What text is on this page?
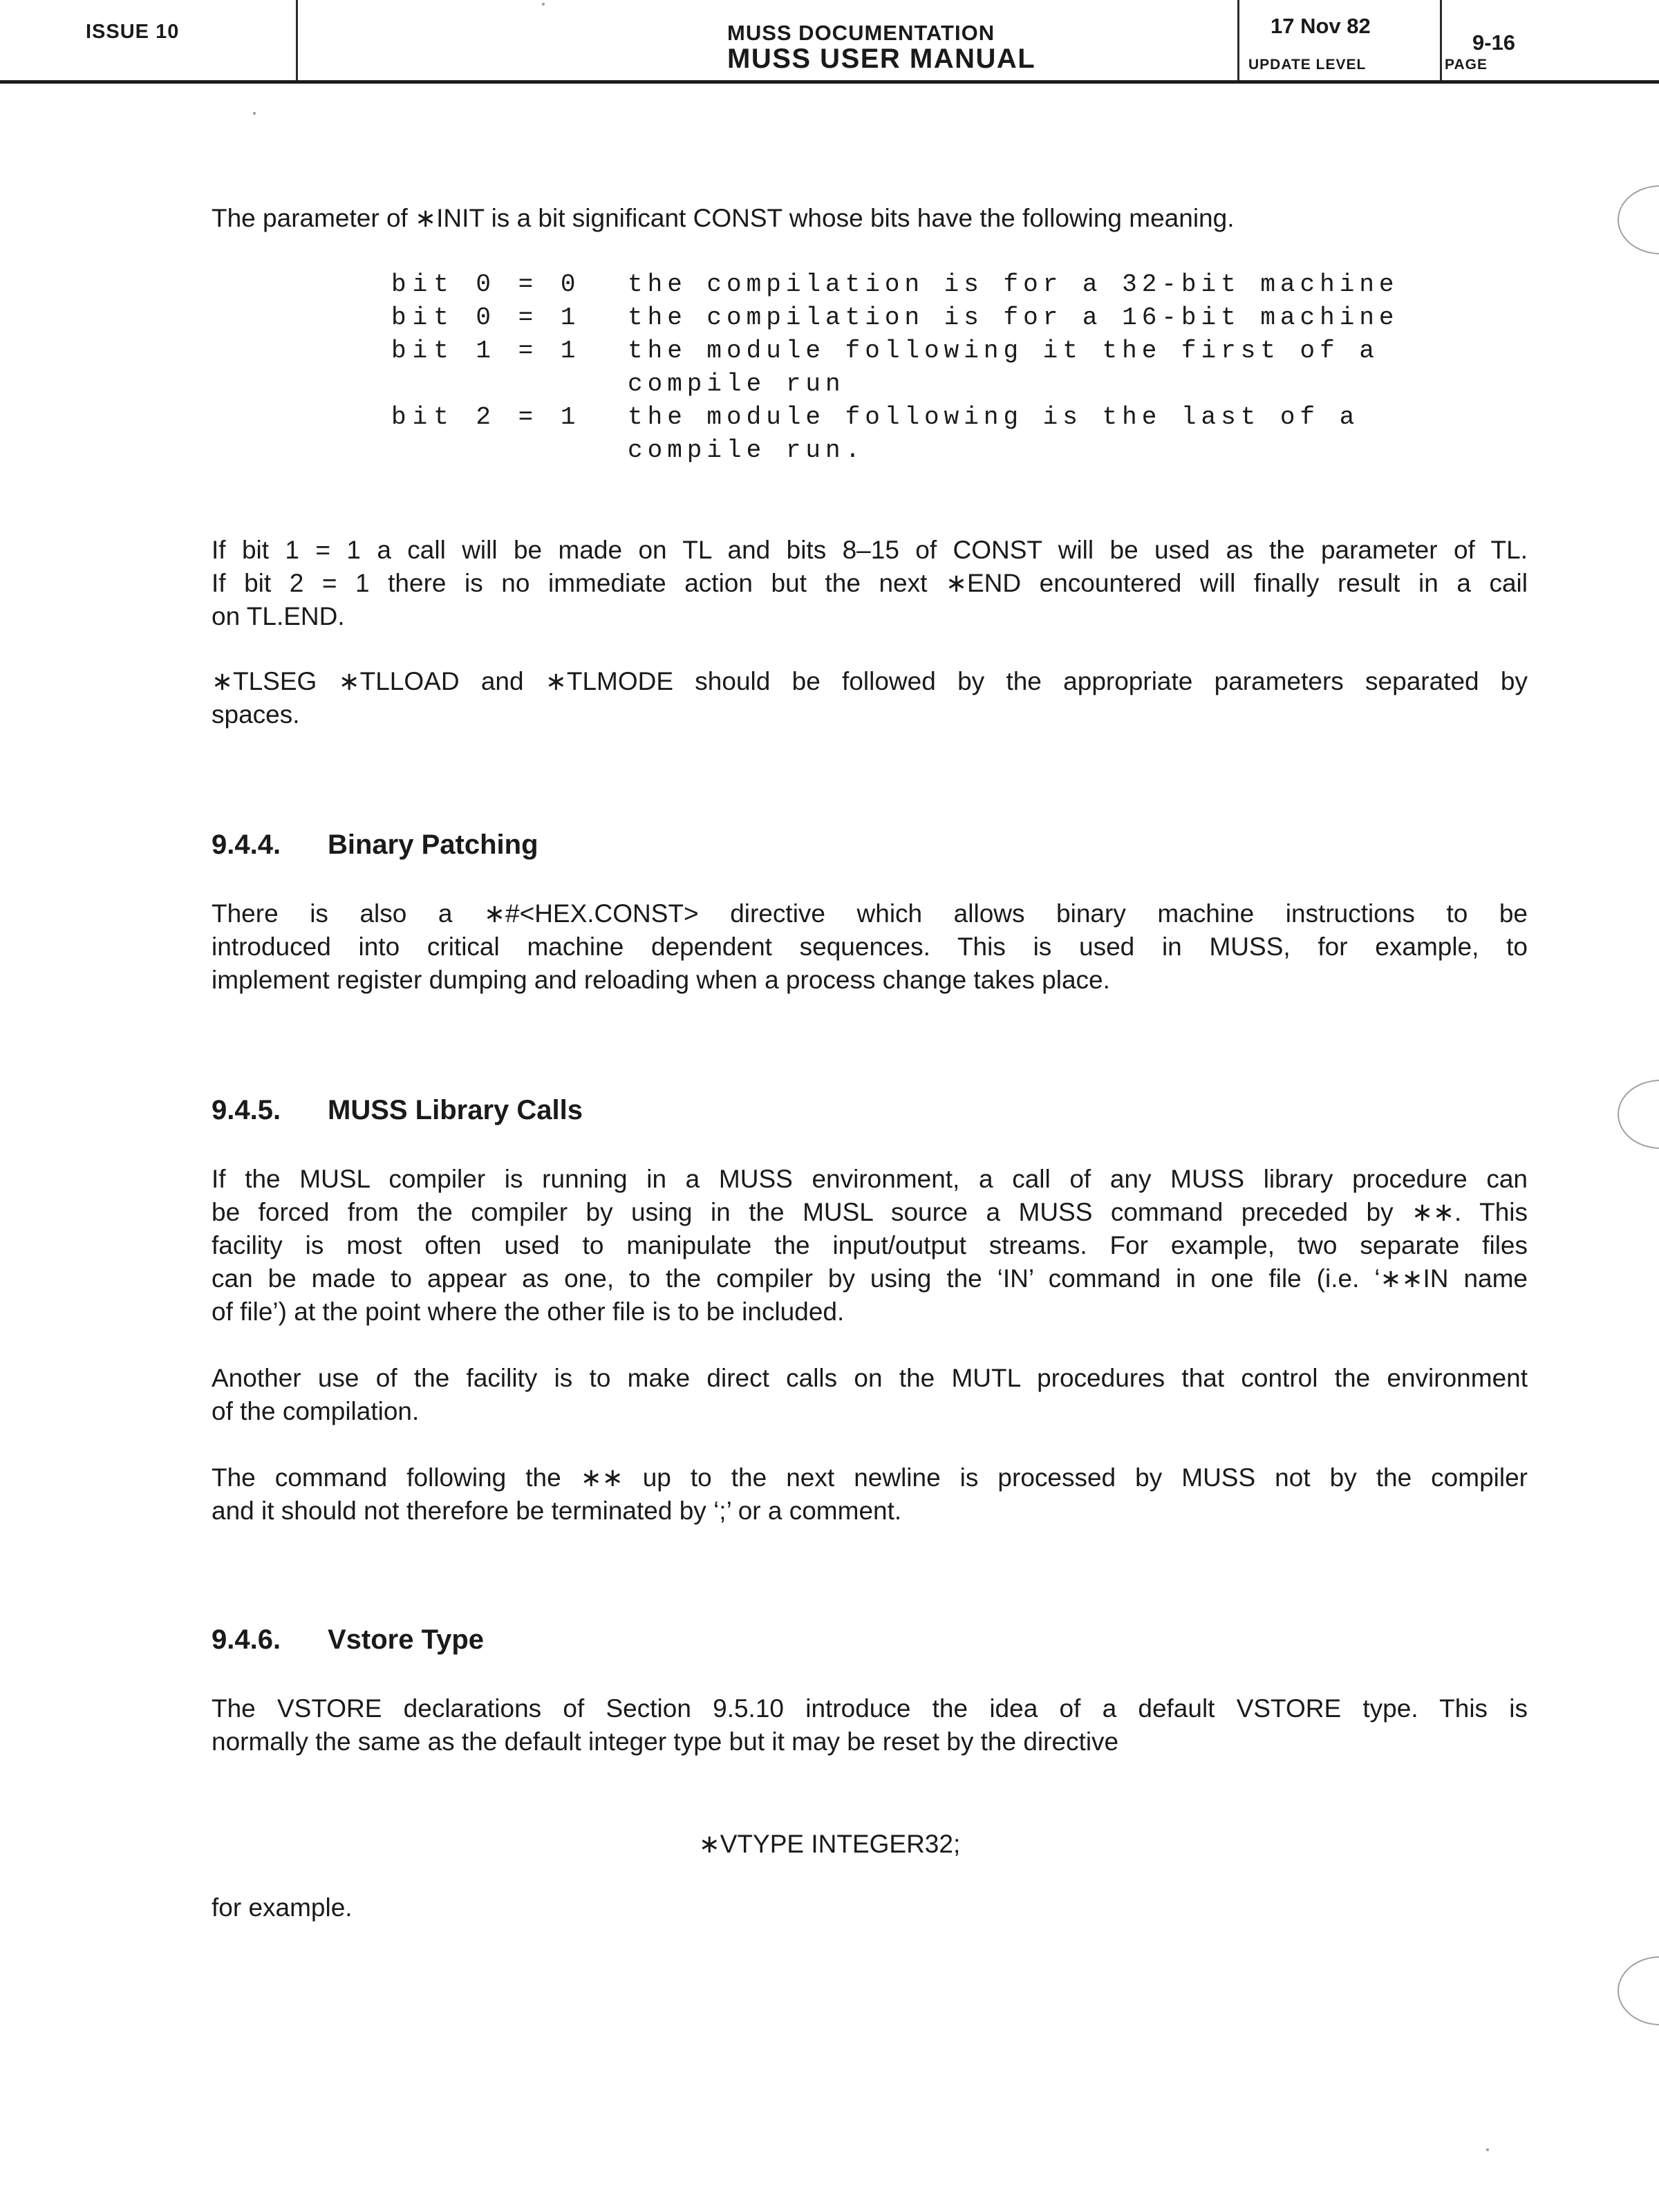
ISSUE 10	MUSS DOCUMENTATION
MUSS USER MANUAL
17 Nov 82
UPDATE LEVEL
9-16
PAGE
The parameter of ∗INIT is a bit significant CONST whose bits have the following meaning.
bit 0 = 0	the compilation is for a 32-bit machine
bit 0 = 1	the compilation is for a 16-bit machine
bit 1 = 1	the module following it the first of a
compile run
bit 2 = 1	the module following is the last of a
compile run.
If bit 1 = 1 a call will be made on TL and bits 8–15 of CONST will be used as the parameter of TL.
If bit 2 = 1 there is no immediate action but the next ∗END encountered will finally result in a cail
on TL.END.
∗TLSEG ∗TLLOAD and ∗TLMODE should be followed by the appropriate parameters separated by
spaces.
9.4.4. Binary Patching
There is also a ∗#<HEX.CONST> directive which allows binary machine instructions to be
introduced into critical machine dependent sequences. This is used in MUSS, for example, to
implement register dumping and reloading when a process change takes place.
9.4.5. MUSS Library Calls
If the MUSL compiler is running in a MUSS environment, a call of any MUSS library procedure can
be forced from the compiler by using in the MUSL source a MUSS command preceded by ∗∗. This
facility is most often used to manipulate the input/output streams. For example, two separate files
can be made to appear as one, to the compiler by using the ‘IN’ command in one file (i.e. ‘∗∗IN name
of file’) at the point where the other file is to be included.
Another use of the facility is to make direct calls on the MUTL procedures that control the environment
of the compilation.
The command following the ∗∗ up to the next newline is processed by MUSS not by the compiler
and it should not therefore be terminated by ‘;’ or a comment.
9.4.6. Vstore Type
The VSTORE declarations of Section 9.5.10 introduce the idea of a default VSTORE type. This is
normally the same as the default integer type but it may be reset by the directive
∗VTYPE INTEGER32;
for example.
